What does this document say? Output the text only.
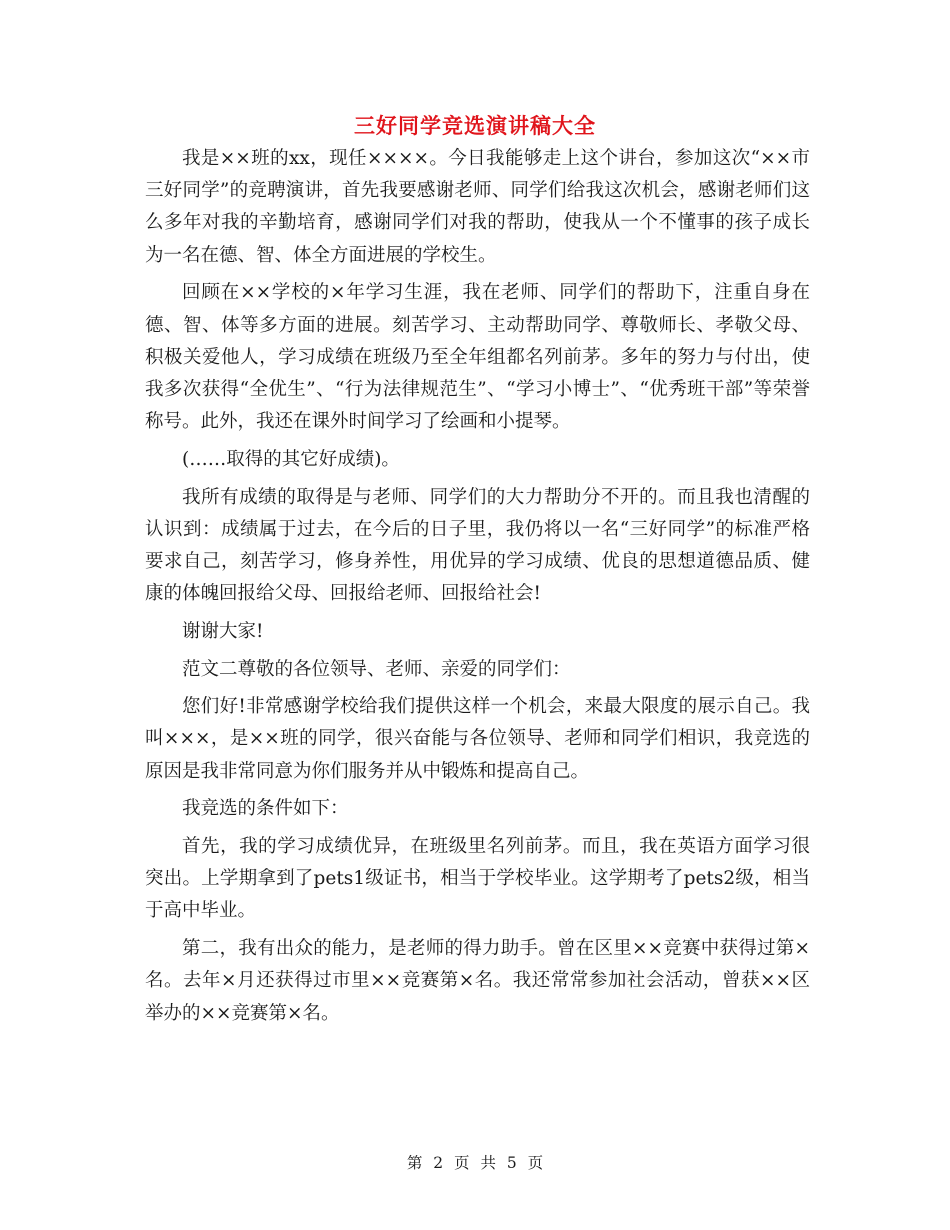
三好同学竞选演讲稿大全

我是××班的xx，现任××××。今日我能够走上这个讲台，参加这次“××市三好同学”的竞聘演讲，首先我要感谢老师、同学们给我这次机会，感谢老师们这么多年对我的辛勤培育，感谢同学们对我的帮助，使我从一个不懂事的孩子成长为一名在德、智、体全方面进展的学校生。

回顾在××学校的×年学习生涯，我在老师、同学们的帮助下，注重自身在德、智、体等多方面的进展。刻苦学习、主动帮助同学、尊敬师长、孝敬父母、积极关爱他人，学习成绩在班级乃至全年组都名列前茅。多年的努力与付出，使我多次获得“全优生”、“行为法律规范生”、“学习小博士”、“优秀班干部”等荣誉称号。此外，我还在课外时间学习了绘画和小提琴。

(……取得的其它好成绩)。

我所有成绩的取得是与老师、同学们的大力帮助分不开的。而且我也清醒的认识到：成绩属于过去，在今后的日子里，我仍将以一名“三好同学”的标准严格要求自己，刻苦学习，修身养性，用优异的学习成绩、优良的思想道德品质、健康的体魄回报给父母、回报给老师、回报给社会!

谢谢大家!

范文二尊敬的各位领导、老师、亲爱的同学们：

您们好!非常感谢学校给我们提供这样一个机会，来最大限度的展示自己。我叫×××，是××班的同学，很兴奋能与各位领导、老师和同学们相识，我竞选的原因是我非常同意为你们服务并从中锻炼和提高自己。

我竞选的条件如下：

首先，我的学习成绩优异，在班级里名列前茅。而且，我在英语方面学习很突出。上学期拿到了pets1级证书，相当于学校毕业。这学期考了pets2级，相当于高中毕业。

第二，我有出众的能力，是老师的得力助手。曾在区里××竞赛中获得过第×名。去年×月还获得过市里××竞赛第×名。我还常常参加社会活动，曾获××区举办的××竞赛第×名。

第 2 页 共 5 页
